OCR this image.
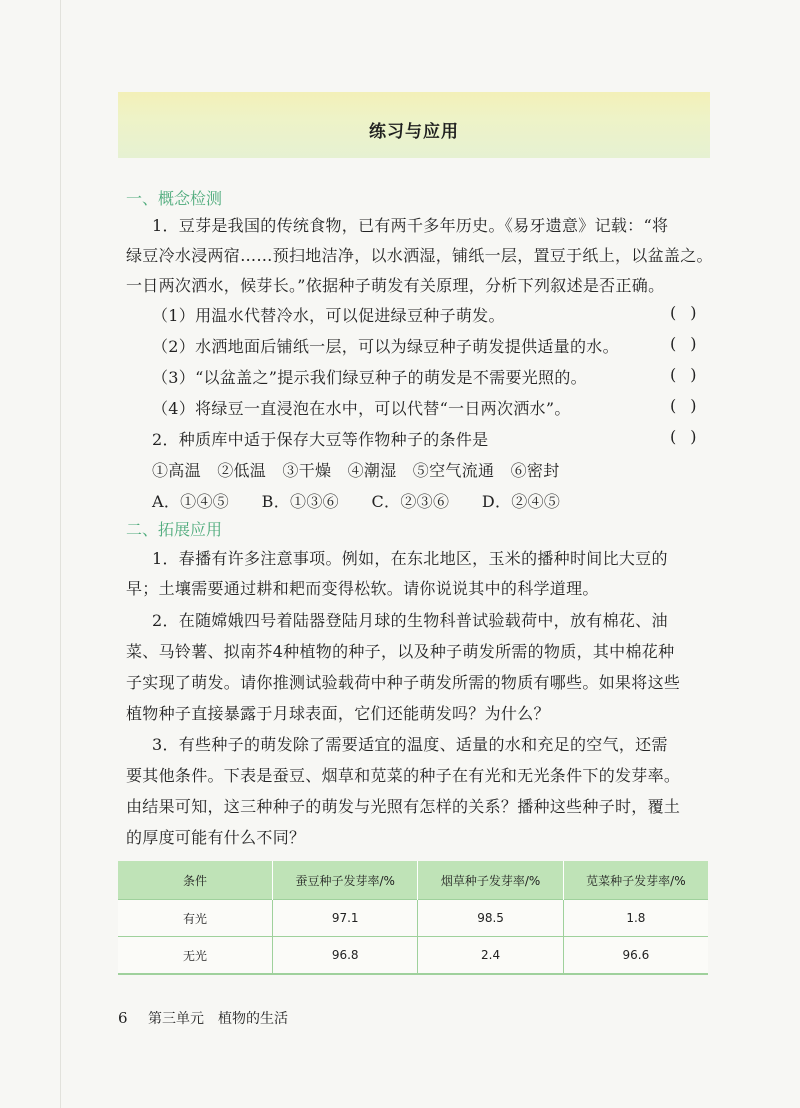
练习与应用
一、概念检测
1．豆芽是我国的传统食物，已有两千多年历史。《易牙遗意》记载：“将
绿豆冷水浸两宿……预扫地洁净，以水洒湿，铺纸一层，置豆于纸上，以盆盖之。
一日两次洒水，候芽长。”依据种子萌发有关原理，分析下列叙述是否正确。
（1）用温水代替冷水，可以促进绿豆种子萌发。	()
（2）水洒地面后铺纸一层，可以为绿豆种子萌发提供适量的水。	()
（3）“以盆盖之”提示我们绿豆种子的萌发是不需要光照的。	()
（4）将绿豆一直浸泡在水中，可以代替“一日两次洒水”。	()
2．种质库中适于保存大豆等作物种子的条件是	()
①高温　②低温　③干燥　④潮湿　⑤空气流通　⑥密封
A．①④⑤　　B．①③⑥　　C．②③⑥　　D．②④⑤
二、拓展应用
1．春播有许多注意事项。例如，在东北地区，玉米的播种时间比大豆的
早；土壤需要通过耕和耙而变得松软。请你说说其中的科学道理。
2．在随嫦娥四号着陆器登陆月球的生物科普试验载荷中，放有棉花、油
菜、马铃薯、拟南芥4种植物的种子，以及种子萌发所需的物质，其中棉花种
子实现了萌发。请你推测试验载荷中种子萌发所需的物质有哪些。如果将这些
植物种子直接暴露于月球表面，它们还能萌发吗？为什么？
3．有些种子的萌发除了需要适宜的温度、适量的水和充足的空气，还需
要其他条件。下表是蚕豆、烟草和苋菜的种子在有光和无光条件下的发芽率。
由结果可知，这三种种子的萌发与光照有怎样的关系？播种这些种子时，覆土
的厚度可能有什么不同？
条件	蚕豆种子发芽率/%	烟草种子发芽率/%	苋菜种子发芽率/%
有光	97.1	98.5	1.8
无光	96.8	2.4	96.6
6 第三单元　植物的生活
